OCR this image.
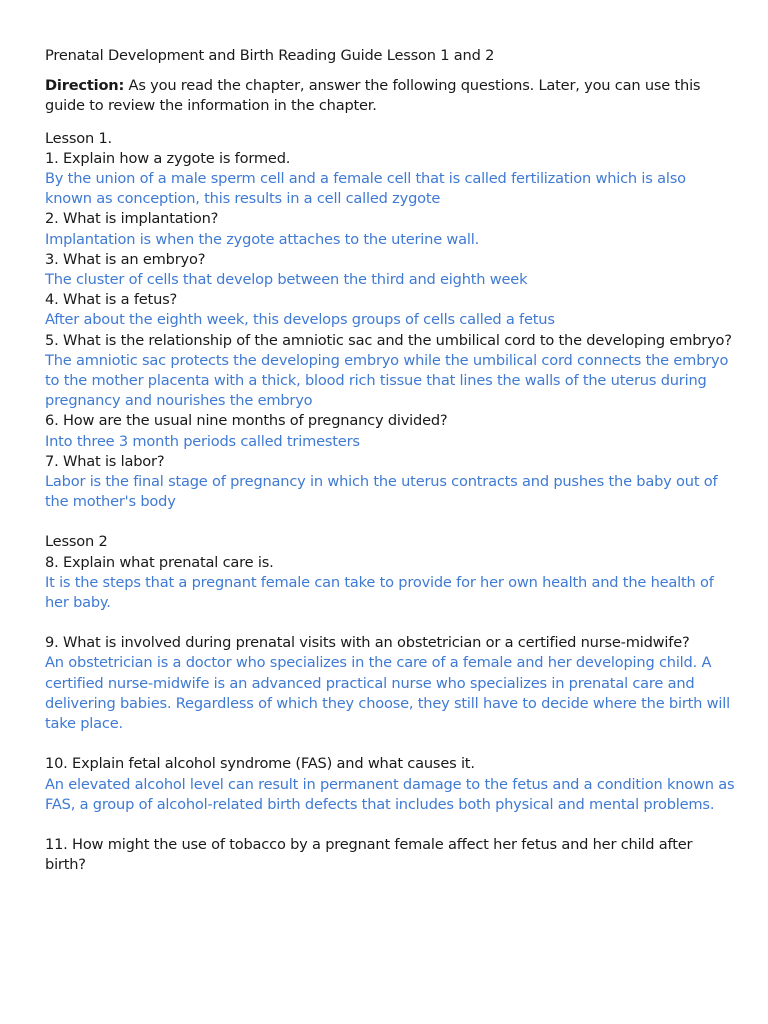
Prenatal Development and Birth Reading Guide Lesson 1 and 2
Direction: As you read the chapter, answer the following questions. Later, you can use this guide to review the information in the chapter.
Lesson 1.
1. Explain how a zygote is formed.
By the union of a male sperm cell and a female cell that is called fertilization which is also known as conception, this results in a cell called zygote
2. What is implantation?
Implantation is when the zygote attaches to the uterine wall.
3. What is an embryo?
The cluster of cells that develop between the third and eighth week
4. What is a fetus?
After about the eighth week, this develops groups of cells called a fetus
5. What is the relationship of the amniotic sac and the umbilical cord to the developing embryo?
The amniotic sac protects the developing embryo while the umbilical cord connects the embryo to the mother placenta with a thick, blood rich tissue that lines the walls of the uterus during pregnancy and nourishes the embryo
6. How are the usual nine months of pregnancy divided?
Into three 3 month periods called trimesters
7. What is labor?
Labor is the final stage of pregnancy in which the uterus contracts and pushes the baby out of the mother's body
Lesson 2
8. Explain what prenatal care is.
It is the steps that a pregnant female can take to provide for her own health and the health of her baby.
9. What is involved during prenatal visits with an obstetrician or a certified nurse-midwife?
An obstetrician is a doctor who specializes in the care of a female and her developing child. A certified nurse-midwife is an advanced practical nurse who specializes in prenatal care and delivering babies. Regardless of which they choose, they still have to decide where the birth will take place.
10. Explain fetal alcohol syndrome (FAS) and what causes it.
An elevated alcohol level can result in permanent damage to the fetus and a condition known as FAS, a group of alcohol-related birth defects that includes both physical and mental problems.
11. How might the use of tobacco by a pregnant female affect her fetus and her child after birth?
